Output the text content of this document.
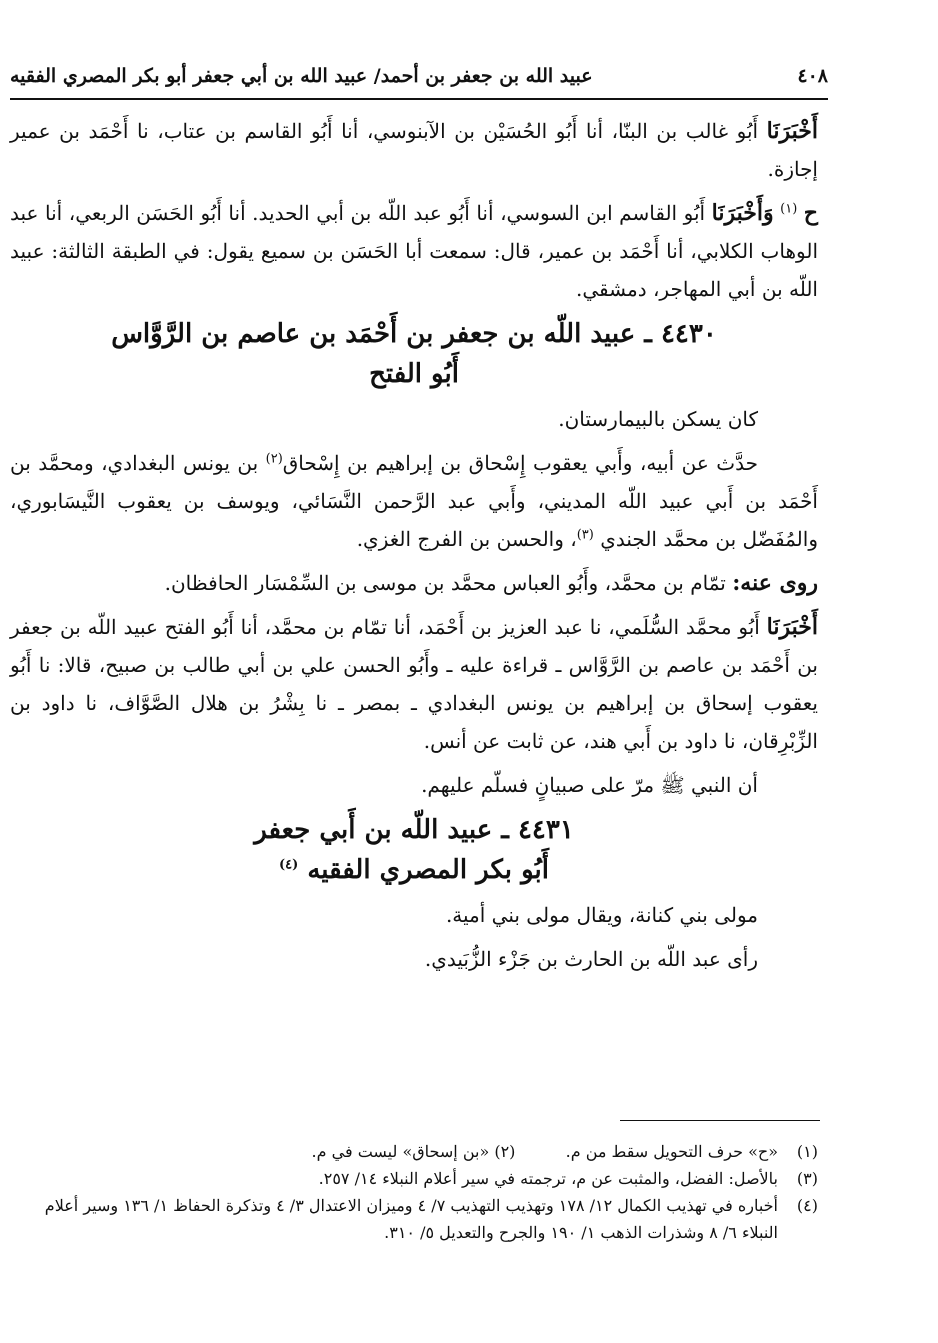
٤٠٨
عبيد الله بن جعفر بن أحمد/ عبيد الله بن أبي جعفر أبو بكر المصري الفقيه

أَخْبَرَنَا أَبُو غالب بن البنّا، أنا أَبُو الحُسَيْن بن الآبنوسي، أنا أَبُو القاسم بن عتاب، نا أَحْمَد بن عمير إجازة.

ح $^{(١)}$ وَأَخْبَرَنَا أَبُو القاسم ابن السوسي، أنا أَبُو عبد اللّه بن أبي الحديد. أنا أَبُو الحَسَن الربعي، أنا عبد الوهاب الكلابي، أنا أَحْمَد بن عمير، قال: سمعت أبا الحَسَن بن سميع يقول: في الطبقة الثالثة: عبيد اللّه بن أبي المهاجر، دمشقي.

٤٤٣٠ ـ عبيد اللّه بن جعفر بن أَحْمَد بن عاصم بن الرَّوَّاس
أَبُو الفتح

كان يسكن بالبيمارستان.

حدَّث عن أبيه، وأَبي يعقوب إِسْحاق بن إبراهيم بن إِسْحاق$^{(٢)}$ بن يونس البغدادي، ومحمَّد بن أَحْمَد بن أَبي عبيد اللّه المديني، وأَبي عبد الرَّحمن النَّسَائي، ويوسف بن يعقوب النَّيسَابوري، والمُفَضّل بن محمَّد الجندي $^{(٣)}$، والحسن بن الفرج الغزي.

روى عنه: تمّام بن محمَّد، وأَبُو العباس محمَّد بن موسى بن السِّمْسَار الحافظان.

أَخْبَرَنَا أَبُو محمَّد السُّلَمي، نا عبد العزيز بن أَحْمَد، أنا تمّام بن محمَّد، أنا أَبُو الفتح عبيد اللّه بن جعفر بن أَحْمَد بن عاصم بن الرَّوَّاس ـ قراءة عليه ـ وأَبُو الحسن علي بن أبي طالب بن صبيح، قالا: نا أَبُو يعقوب إسحاق بن إبراهيم بن يونس البغدادي ـ بمصر ـ نا بِشْرُ بن هلال الصَّوَّاف، نا داود بن الزِّبْرِقان، نا داود بن أَبي هند، عن ثابت عن أنس.

أن النبي ﷺ مرّ على صبيانٍ فسلّم عليهم.

٤٤٣١ ـ عبيد اللّه بن أَبي جعفر
أَبُو بكر المصري الفقيه $^{(٤)}$

مولى بني كنانة، ويقال مولى بني أمية.

رأى عبد اللّه بن الحارث بن جَزْء الزُّبَيدي.

(١)
«ح» حرف التحويل سقط من م.  (٢) «بن إسحاق» ليست في م.
(٣)
بالأصل: الفضل، والمثبت عن م، ترجمته في سير أعلام النبلاء ١٤/ ٢٥٧.
(٤)
أخباره في تهذيب الكمال ١٢/ ١٧٨ وتهذيب التهذيب ٧/ ٤ وميزان الاعتدال ٣/ ٤ وتذكرة الحفاظ ١/ ١٣٦ وسير أعلام النبلاء ٦/ ٨ وشذرات الذهب ١/ ١٩٠ والجرح والتعديل ٥/ ٣١٠.
